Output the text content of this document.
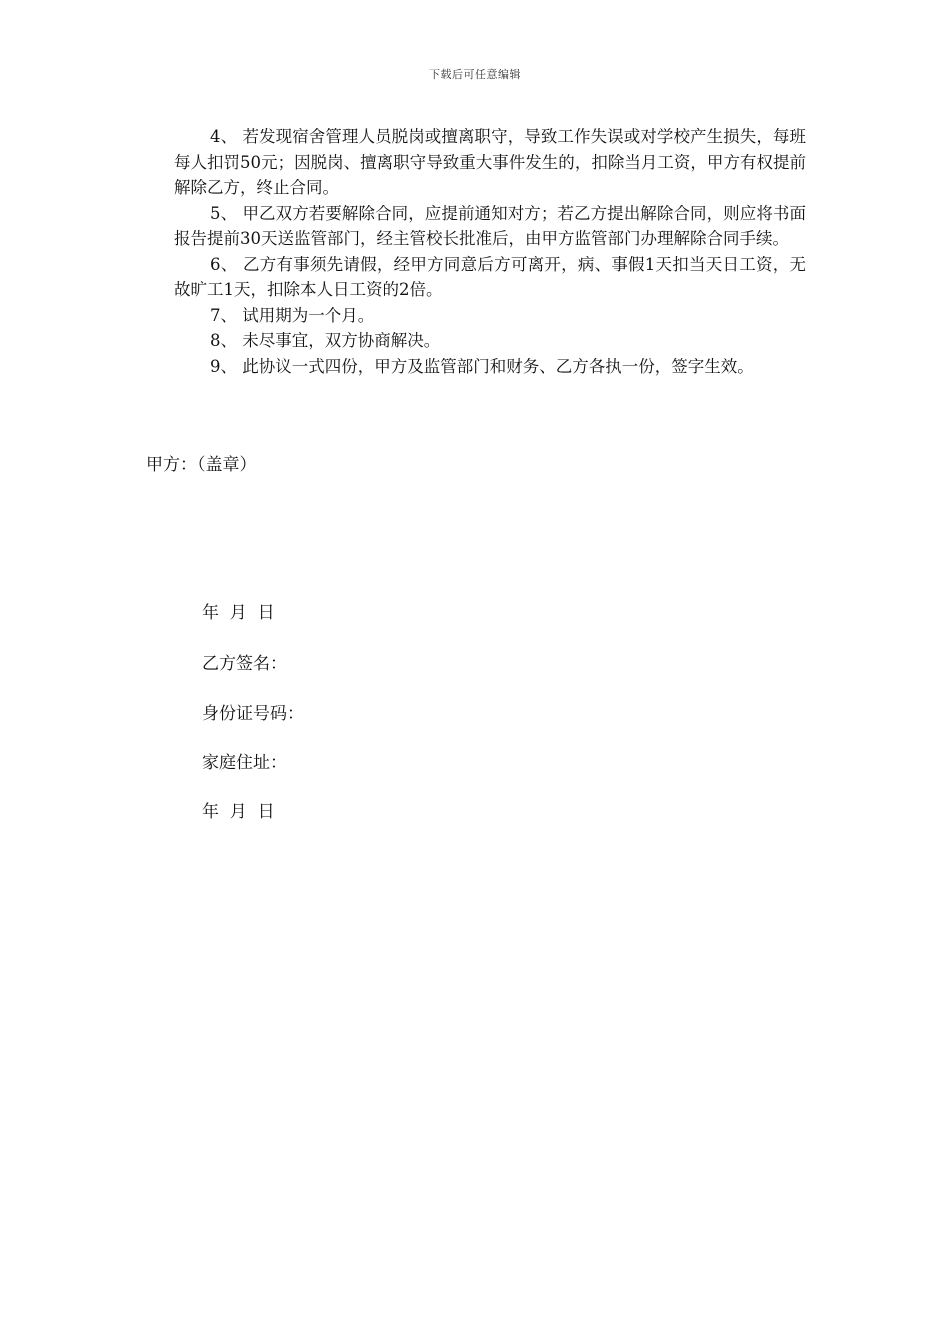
下载后可任意编辑

4、 若发现宿舍管理人员脱岗或擅离职守，导致工作失误或对学校产生损失，每班每人扣罚50元；因脱岗、擅离职守导致重大事件发生的，扣除当月工资，甲方有权提前解除乙方，终止合同。

5、 甲乙双方若要解除合同，应提前通知对方；若乙方提出解除合同，则应将书面报告提前30天送监管部门，经主管校长批准后，由甲方监管部门办理解除合同手续。

6、 乙方有事须先请假，经甲方同意后方可离开，病、事假1天扣当天日工资，无故旷工1天，扣除本人日工资的2倍。

7、 试用期为一个月。

8、 未尽事宜，双方协商解决。

9、 此协议一式四份，甲方及监管部门和财务、乙方各执一份，签字生效。

甲方：（盖章）
年  月  日
乙方签名：
身份证号码：
家庭住址：
年  月  日
